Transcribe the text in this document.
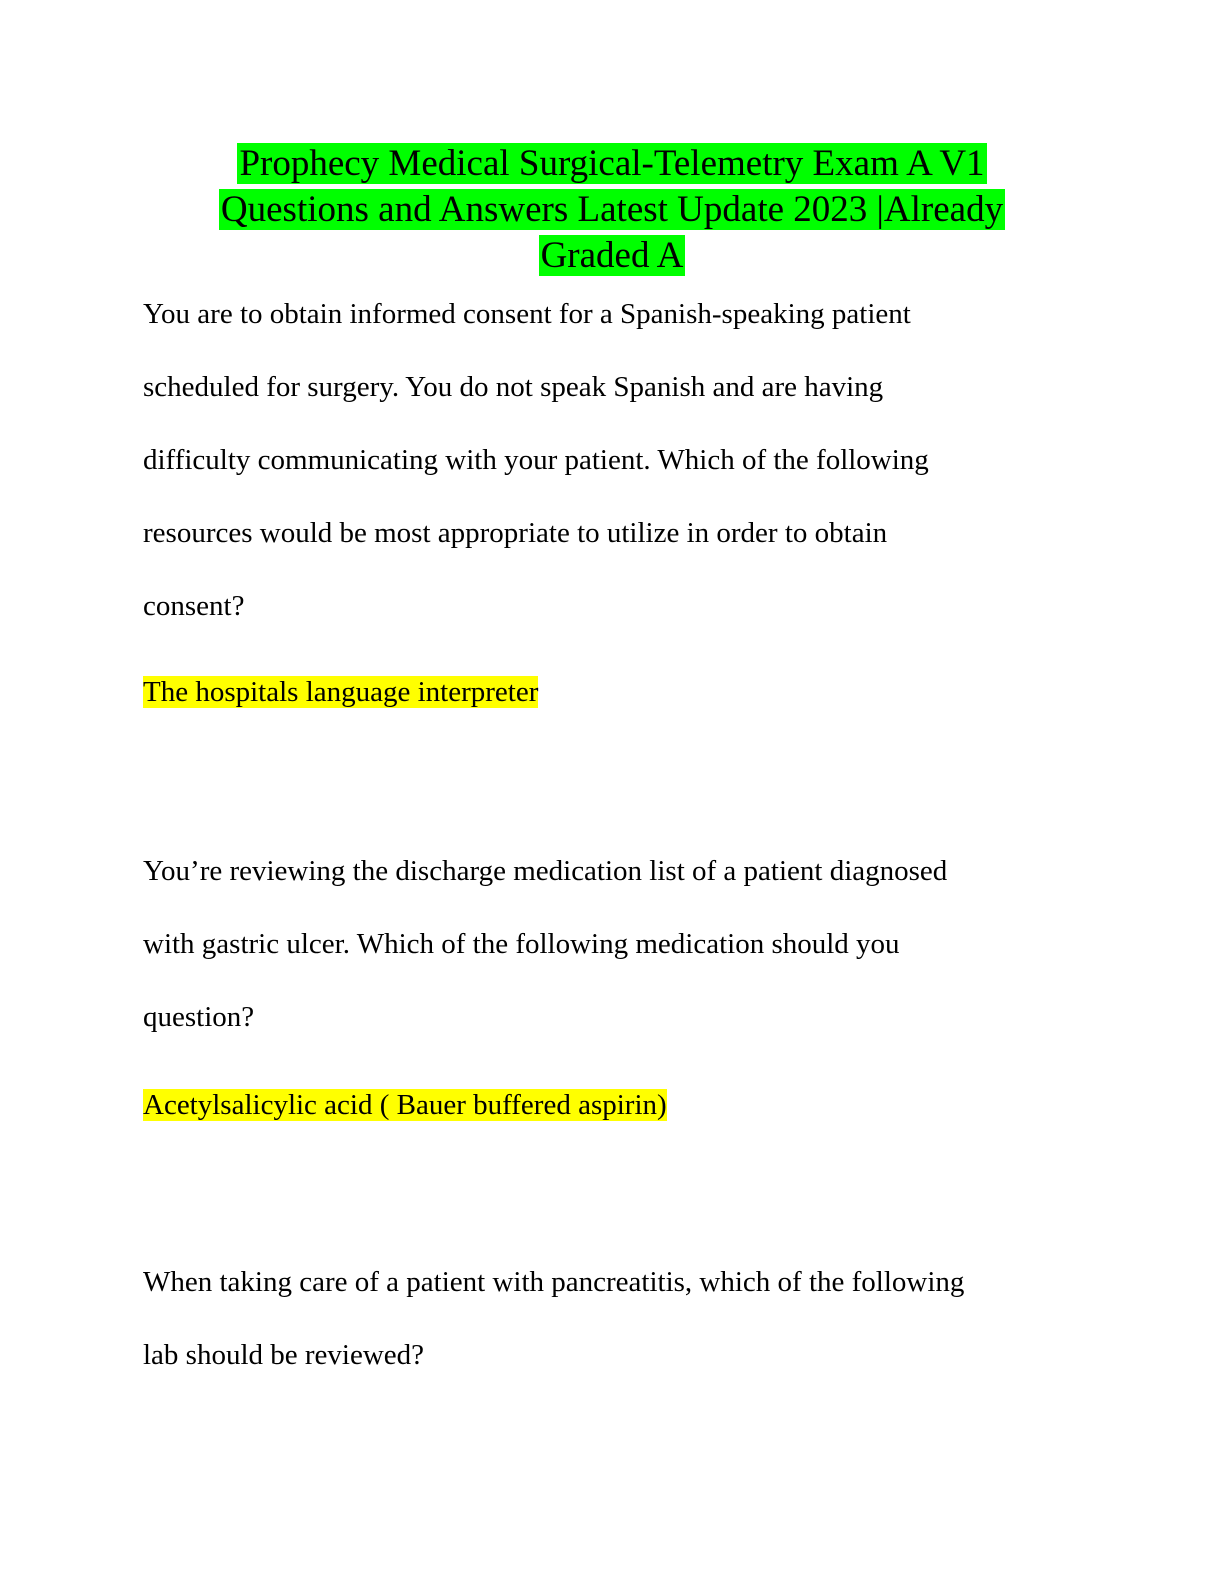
Prophecy Medical Surgical-Telemetry Exam A V1
Questions and Answers Latest Update 2023 |Already
Graded A

You are to obtain informed consent for a Spanish-speaking patient

scheduled for surgery. You do not speak Spanish and are having

difficulty communicating with your patient. Which of the following

resources would be most appropriate to utilize in order to obtain

consent?

The hospitals language interpreter

You’re reviewing the discharge medication list of a patient diagnosed

with gastric ulcer. Which of the following medication should you

question?

Acetylsalicylic acid ( Bauer buffered aspirin)

When taking care of a patient with pancreatitis, which of the following

lab should be reviewed?
